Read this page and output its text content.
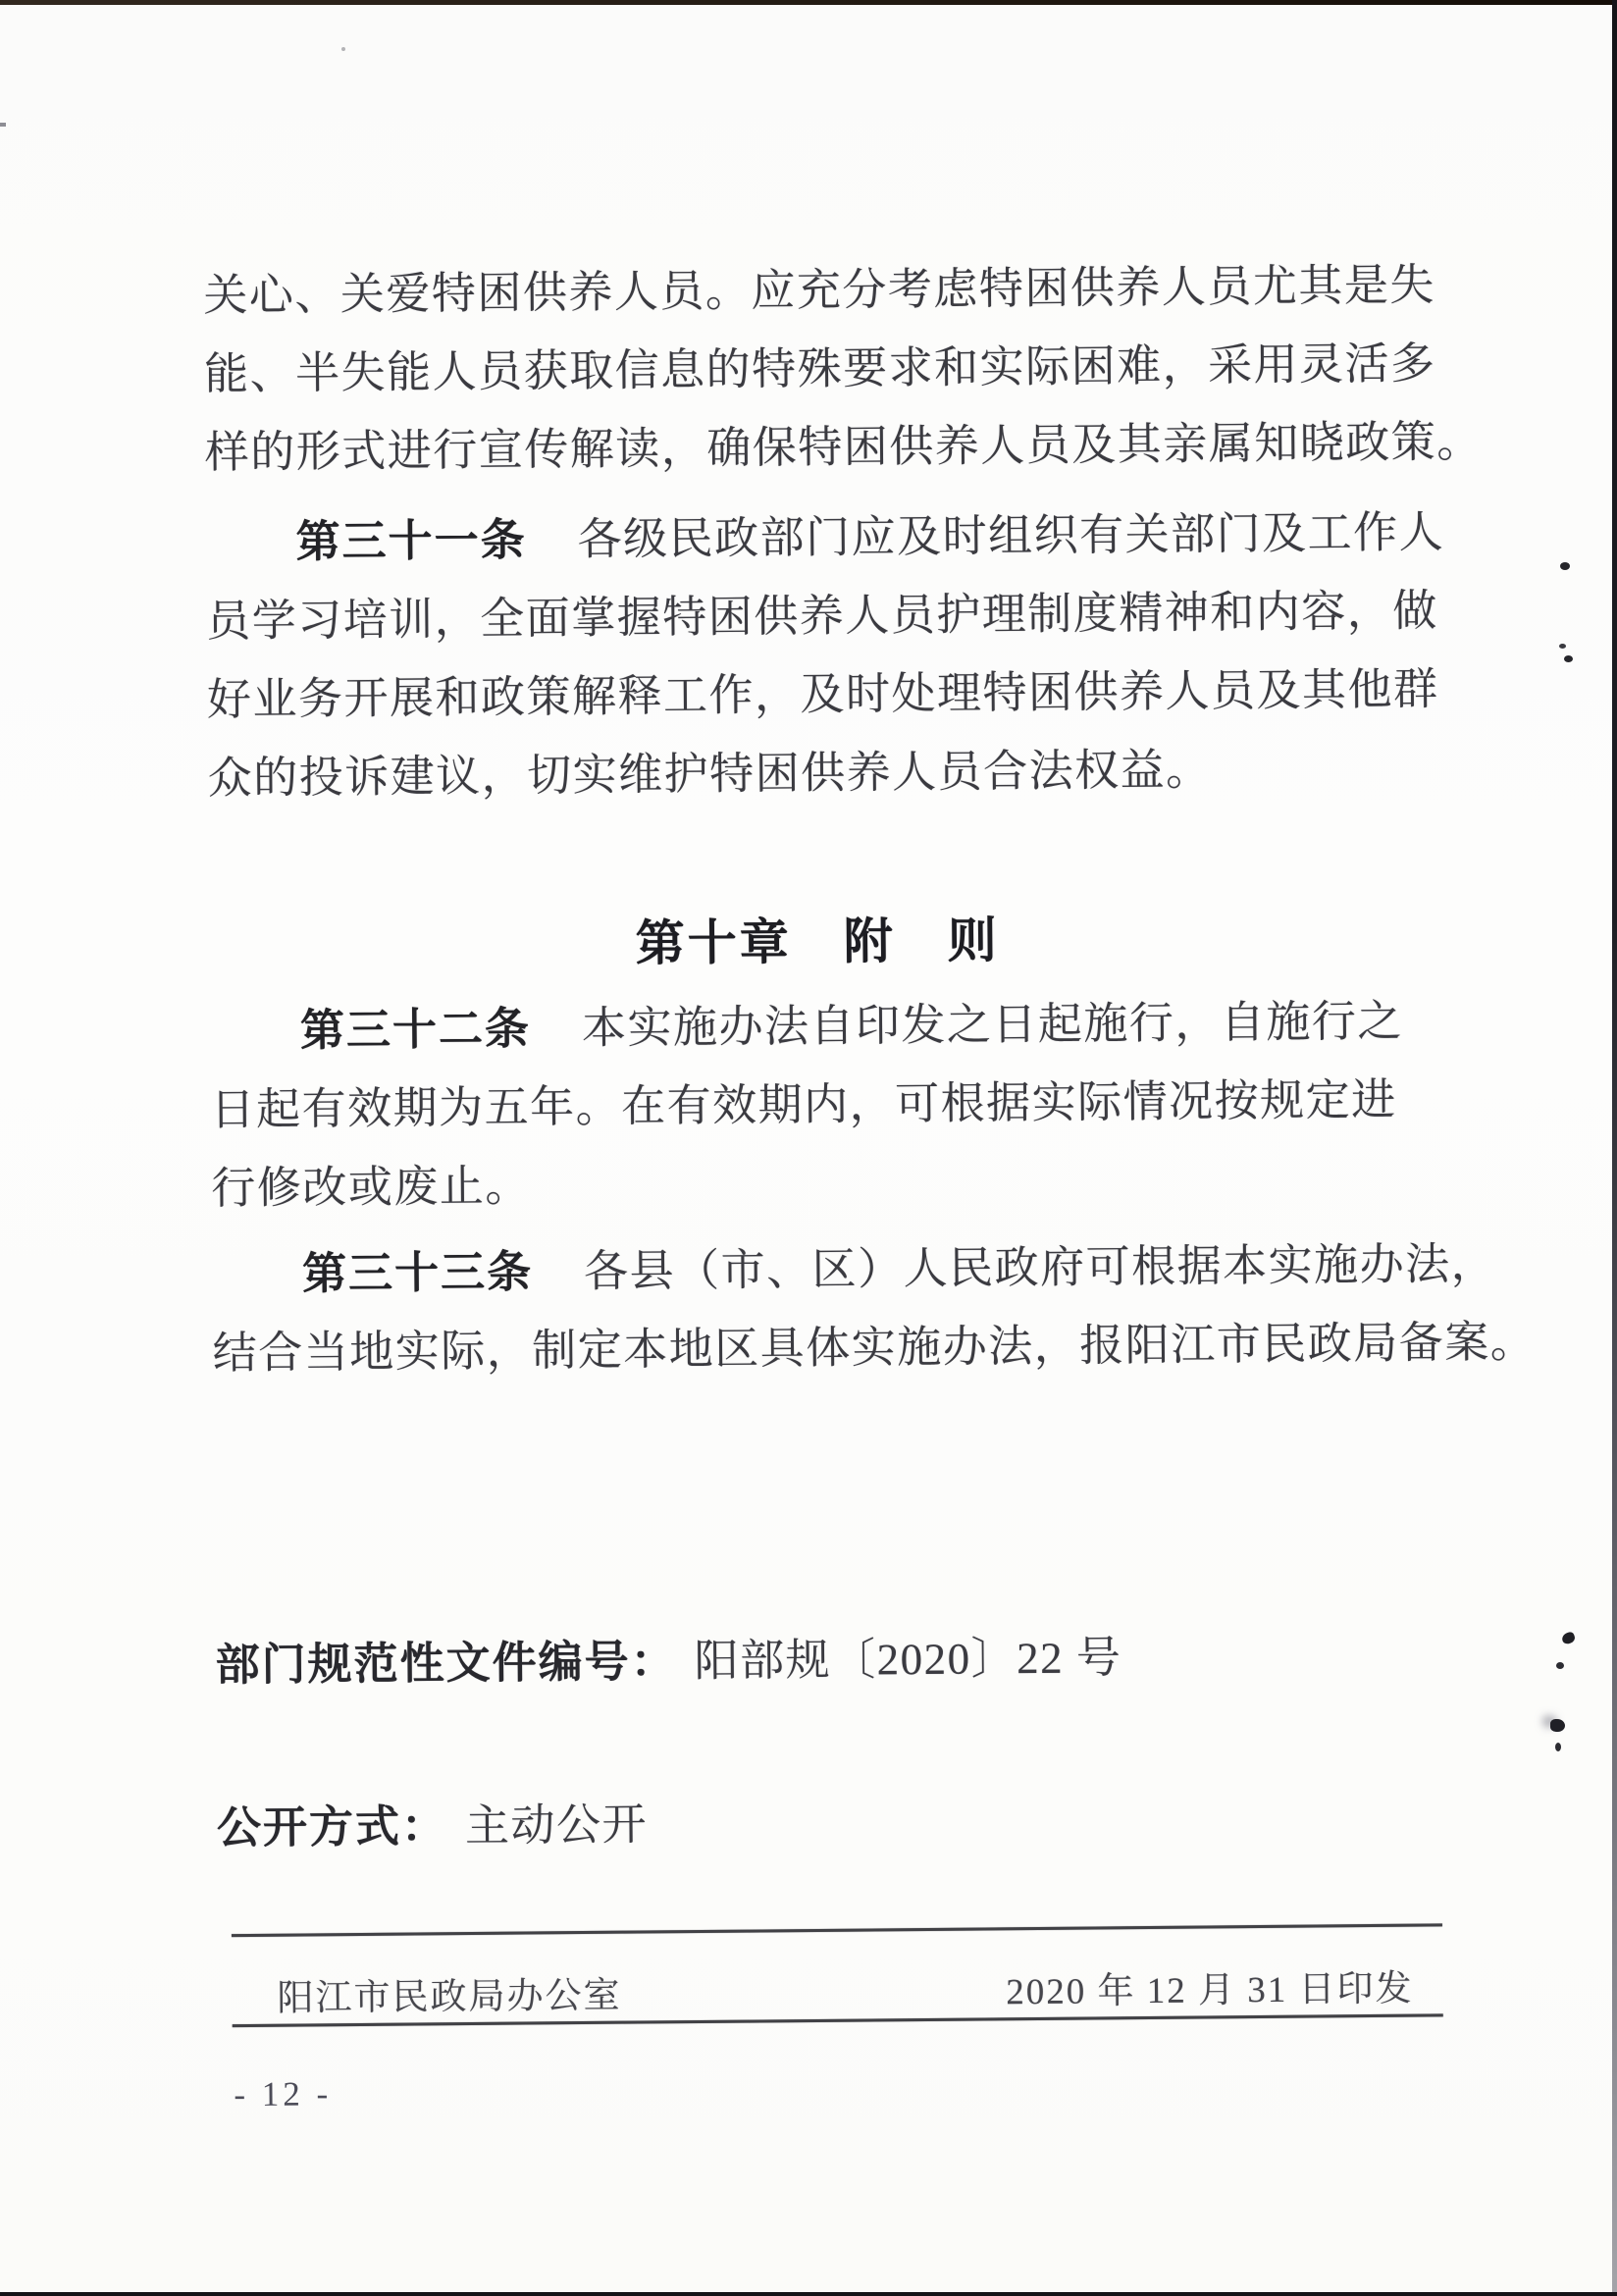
关心、关爱特困供养人员。应充分考虑特困供养人员尤其是失
能、半失能人员获取信息的特殊要求和实际困难，采用灵活多
样的形式进行宣传解读，确保特困供养人员及其亲属知晓政策。
第三十一条 各级民政部门应及时组织有关部门及工作人
员学习培训，全面掌握特困供养人员护理制度精神和内容，做
好业务开展和政策解释工作，及时处理特困供养人员及其他群
众的投诉建议，切实维护特困供养人员合法权益。
第十章　附　则
第三十二条 本实施办法自印发之日起施行，自施行之
日起有效期为五年。在有效期内，可根据实际情况按规定进
行修改或废止。
第三十三条 各县（市、区）人民政府可根据本实施办法，
结合当地实际，制定本地区具体实施办法，报阳江市民政局备案。
部门规范性文件编号： 阳部规〔2020〕22 号
公开方式： 主动公开
阳江市民政局办公室	2020 年 12 月 31 日印发
- 12 -
